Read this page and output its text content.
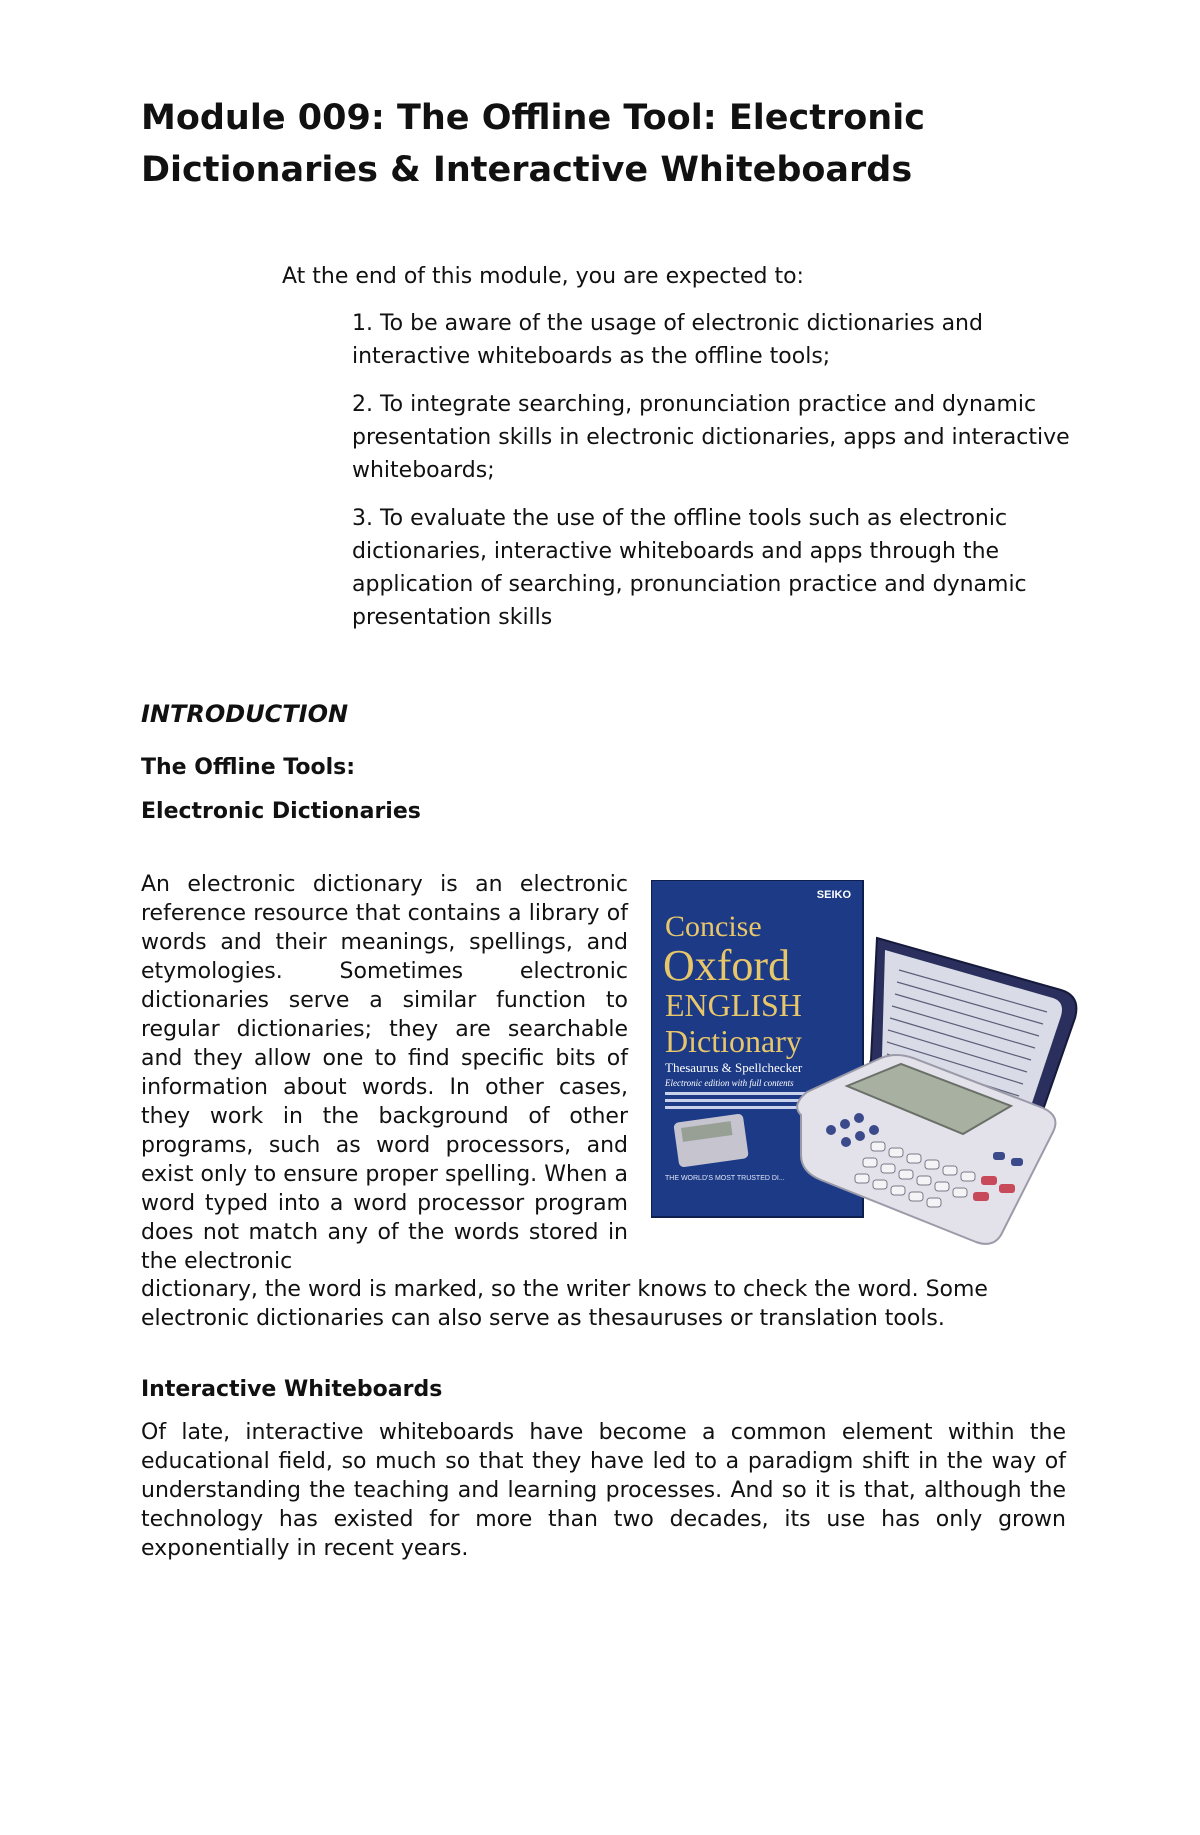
Module 009: The Offline Tool: Electronic Dictionaries & Interactive Whiteboards

At the end of this module, you are expected to:

1. To be aware of the usage of electronic dictionaries and interactive whiteboards as the offline tools;
2. To integrate searching, pronunciation practice and dynamic presentation skills in electronic dictionaries, apps and interactive whiteboards;
3. To evaluate the use of the offline tools such as electronic dictionaries, interactive whiteboards and apps through the application of searching, pronunciation practice and dynamic presentation skills
INTRODUCTION
The Offline Tools:
Electronic Dictionaries

An electronic dictionary is an electronic reference resource that contains a library of words and their meanings, spellings, and etymologies. Sometimes electronic dictionaries serve a similar function to regular dictionaries; they are searchable and they allow one to find specific bits of information about words. In other cases, they work in the background of other programs, such as word processors, and exist only to ensure proper spelling. When a word typed into a word processor program does not match any of the words stored in the electronic

SEIKO
Concise
Oxford
ENGLISH
Dictionary
Thesaurus & Spellchecker
Electronic edition with full contents
THE WORLD'S MOST TRUSTED DI...

dictionary, the word is marked, so the writer knows to check the word. Some electronic dictionaries can also serve as thesauruses or translation tools.

Interactive Whiteboards

Of late, interactive whiteboards have become a common element within the educational field, so much so that they have led to a paradigm shift in the way of understanding the teaching and learning processes. And so it is that, although the technology has existed for more than two decades, its use has only grown exponentially in recent years.
